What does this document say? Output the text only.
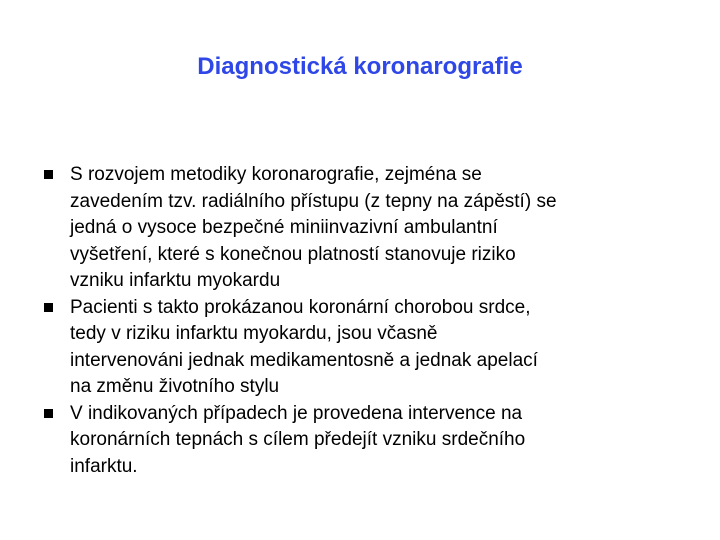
Diagnostická koronarografie
S rozvojem metodiky koronarografie, zejména se
zavedením tzv. radiálního přístupu (z tepny na zápěstí) se
jedná o vysoce bezpečné miniinvazivní ambulantní
vyšetření, které s konečnou platností stanovuje riziko
vzniku infarktu myokardu
Pacienti s takto prokázanou koronární chorobou srdce,
tedy v riziku infarktu myokardu, jsou včasně
intervenováni jednak medikamentosně a jednak apelací
na změnu životního stylu
V indikovaných případech je provedena intervence na
koronárních tepnách s cílem předejít vzniku srdečního
infarktu.
